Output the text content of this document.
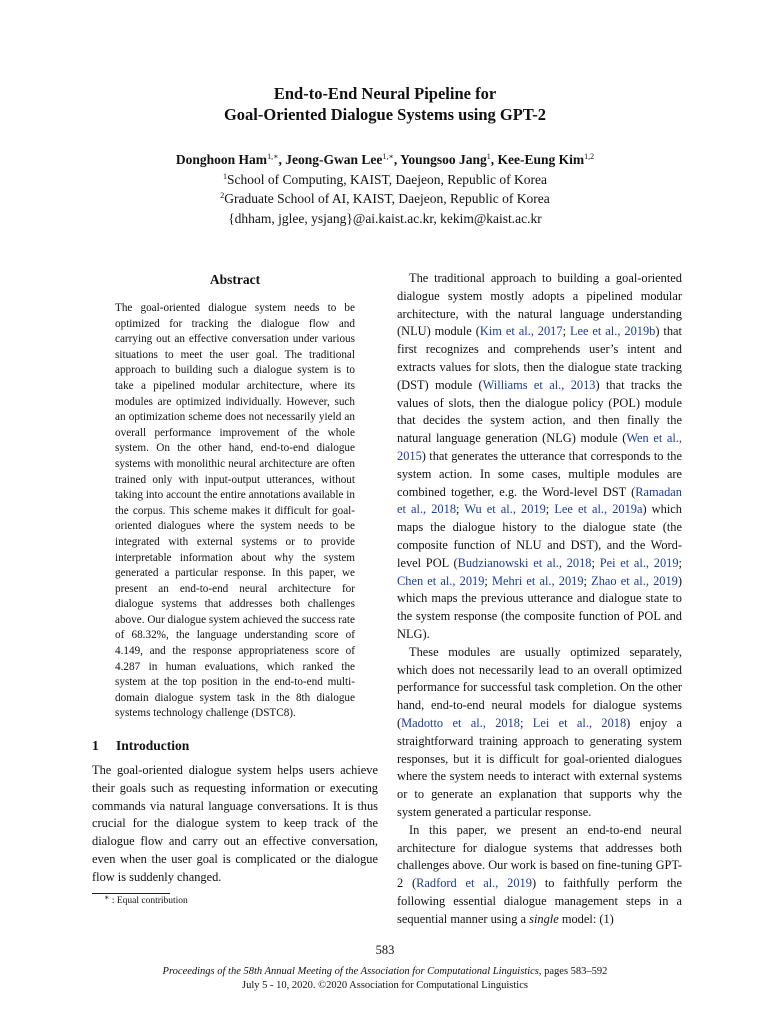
End-to-End Neural Pipeline for
Goal-Oriented Dialogue Systems using GPT-2
Donghoon Ham$^{1,∗}$, Jeong-Gwan Lee$^{1,∗}$, Youngsoo Jang$^1$, Kee-Eung Kim$^{1,2}$
$^1$School of Computing, KAIST, Daejeon, Republic of Korea
$^2$Graduate School of AI, KAIST, Daejeon, Republic of Korea
{dhham, jglee, ysjang}@ai.kaist.ac.kr, kekim@kaist.ac.kr
Abstract
The goal-oriented dialogue system needs to be optimized for tracking the dialogue flow and carrying out an effective conversation under various situations to meet the user goal. The traditional approach to building such a dialogue system is to take a pipelined modular architecture, where its modules are optimized individually. However, such an optimization scheme does not necessarily yield an overall performance improvement of the whole system. On the other hand, end-to-end dialogue systems with monolithic neural architecture are often trained only with input-output utterances, without taking into account the entire annotations available in the corpus. This scheme makes it difficult for goal-oriented dialogues where the system needs to be integrated with external systems or to provide interpretable information about why the system generated a particular response. In this paper, we present an end-to-end neural architecture for dialogue systems that addresses both challenges above. Our dialogue system achieved the success rate of 68.32%, the language understanding score of 4.149, and the response appropriateness score of 4.287 in human evaluations, which ranked the system at the top position in the end-to-end multi-domain dialogue system task in the 8th dialogue systems technology challenge (DSTC8).
1 Introduction

The goal-oriented dialogue system helps users achieve their goals such as requesting information or executing commands via natural language conversations. It is thus crucial for the dialogue system to keep track of the dialogue flow and carry out an effective conversation, even when the user goal is complicated or the dialogue flow is suddenly changed.

∗ : Equal contribution

The traditional approach to building a goal-oriented dialogue system mostly adopts a pipelined modular architecture, with the natural language understanding (NLU) module (Kim et al., 2017; Lee et al., 2019b) that first recognizes and comprehends user’s intent and extracts values for slots, then the dialogue state tracking (DST) module (Williams et al., 2013) that tracks the values of slots, then the dialogue policy (POL) module that decides the system action, and then finally the natural language generation (NLG) module (Wen et al., 2015) that generates the utterance that corresponds to the system action. In some cases, multiple modules are combined together, e.g. the Word-level DST (Ramadan et al., 2018; Wu et al., 2019; Lee et al., 2019a) which maps the dialogue history to the dialogue state (the composite function of NLU and DST), and the Word-level POL (Budzianowski et al., 2018; Pei et al., 2019; Chen et al., 2019; Mehri et al., 2019; Zhao et al., 2019) which maps the previous utterance and dialogue state to the system response (the composite function of POL and NLG).

These modules are usually optimized separately, which does not necessarily lead to an overall optimized performance for successful task completion. On the other hand, end-to-end neural models for dialogue systems (Madotto et al., 2018; Lei et al., 2018) enjoy a straightforward training approach to generating system responses, but it is difficult for goal-oriented dialogues where the system needs to interact with external systems or to generate an explanation that supports why the system generated a particular response.

In this paper, we present an end-to-end neural architecture for dialogue systems that addresses both challenges above. Our work is based on fine-tuning GPT-2 (Radford et al., 2019) to faithfully perform the following essential dialogue management steps in a sequential manner using a single model: (1)

583
Proceedings of the 58th Annual Meeting of the Association for Computational Linguistics, pages 583–592
July 5 - 10, 2020. ©2020 Association for Computational Linguistics
